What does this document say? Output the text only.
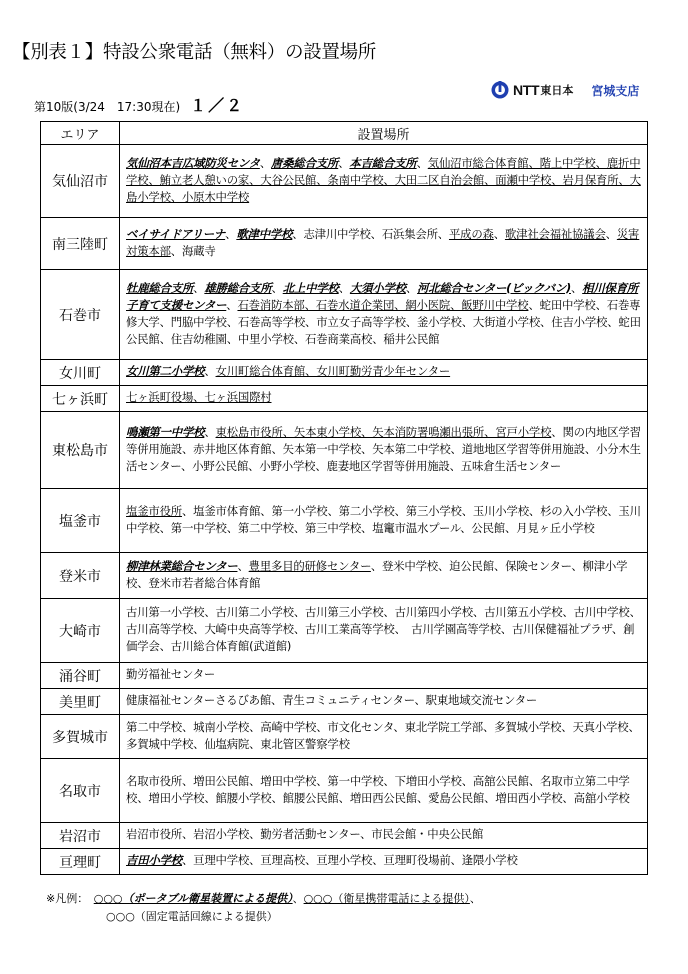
【別表１】特設公衆電話（無料）の設置場所
第10版(3/24　17:30現在) １／２
NTT 東日本 宮城支店
エリア	設置場所
気仙沼市	気仙沼本吉広域防災センタ、唐桑総合支所、本吉総合支所、気仙沼市総合体育館、階上中学校、鹿折中学校、鮪立老人憩いの家、大谷公民館、条南中学校、大田二区自治会館、面瀬中学校、岩月保育所、大島小学校、小原木中学校
南三陸町	ベイサイドアリーナ、歌津中学校、志津川中学校、石浜集会所、平成の森、歌津社会福祉協議会、災害対策本部、海蔵寺
石巻市	牡鹿総合支所、雄勝総合支所、北上中学校、大須小学校、河北総合センター(ビックバン)、相川保育所子育て支援センター、石巻消防本部、石巻水道企業団、網小医院、飯野川中学校、蛇田中学校、石巻専修大学、門脇中学校、石巻高等学校、市立女子高等学校、釜小学校、大街道小学校、住吉小学校、蛇田公民館、住吉幼稚園、中里小学校、石巻商業高校、稲井公民館
女川町	女川第二小学校、女川町総合体育館、女川町勤労青少年センター
七ヶ浜町	七ヶ浜町役場、七ヶ浜国際村
東松島市	鳴瀬第一中学校、東松島市役所、矢本東小学校、矢本消防署鳴瀬出張所、宮戸小学校、関の内地区学習等併用施設、赤井地区体育館、矢本第一中学校、矢本第二中学校、道地地区学習等併用施設、小分木生活センター、小野公民館、小野小学校、鹿妻地区学習等併用施設、五味倉生活センター
塩釜市	塩釜市役所、塩釜市体育館、第一小学校、第二小学校、第三小学校、玉川小学校、杉の入小学校、玉川中学校、第一中学校、第二中学校、第三中学校、塩竃市温水プール、公民館、月見ヶ丘小学校
登米市	柳津林業総合センター、豊里多目的研修センター、登米中学校、迫公民館、保険センター、柳津小学校、登米市若者総合体育館
大崎市	古川第一小学校、古川第二小学校、古川第三小学校、古川第四小学校、古川第五小学校、古川中学校、古川高等学校、大崎中央高等学校、古川工業高等学校、　古川学園高等学校、古川保健福祉プラザ、創価学会、古川総合体育館(武道館)
涌谷町	勤労福祉センター
美里町	健康福祉センターさるびあ館、青生コミュニティセンター、駅東地域交流センター
多賀城市	第二中学校、城南小学校、高崎中学校、市文化センタ、東北学院工学部、多賀城小学校、天真小学校、多賀城中学校、仙塩病院、東北管区警察学校
名取市	名取市役所、増田公民館、増田中学校、第一中学校、下増田小学校、高舘公民館、名取市立第二中学校、増田小学校、館腰小学校、館腰公民館、増田西公民館、愛島公民館、増田西小学校、高舘小学校
岩沼市	岩沼市役所、岩沼小学校、勤労者活動センター、市民会館・中央公民館
亘理町	吉田小学校、亘理中学校、亘理高校、亘理小学校、亘理町役場前、逢隈小学校
※凡例：　 ○○○（ポータブル衛星装置による提供）、○○○（衛星携帯電話による提供）、
○○○（固定電話回線による提供）
